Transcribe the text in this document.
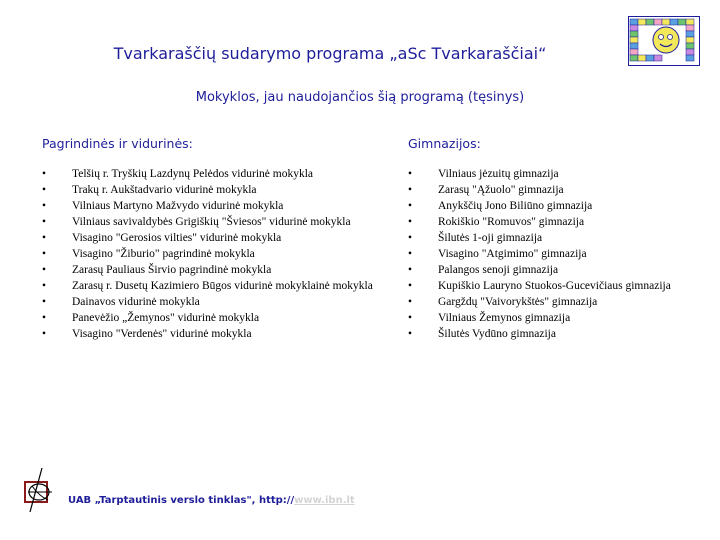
Tvarkaraščių sudarymo programa „aSc Tvarkaraščiai“
Mokyklos, jau naudojančios šią programą (tęsinys)
Pagrindinės ir vidurinės:	Gimnazijos:
• Telšių r. Tryškių Lazdynų Pelėdos vidurinė mokykla
• Trakų r. Aukštadvario vidurinė mokykla
• Vilniaus Martyno Mažvydo vidurinė mokykla
• Vilniaus savivaldybės Grigiškių "Šviesos" vidurinė mokykla
• Visagino "Gerosios vilties" vidurinė mokykla
• Visagino "Žiburio" pagrindinė mokykla
• Zarasų Pauliaus Širvio pagrindinė mokykla
• Zarasų r. Dusetų Kazimiero Būgos vidurinė mokyklainė mokykla
• Dainavos vidurinė mokykla
• Panevėžio „Žemynos" vidurinė mokykla
• Visagino "Verdenės" vidurinė mokykla
• Vilniaus jėzuitų gimnazija
• Zarasų "Ąžuolo" gimnazija
• Anykščių Jono Biliūno gimnazija
• Rokiškio "Romuvos" gimnazija
• Šilutės 1-oji gimnazija
• Visagino "Atgimimo" gimnazija
• Palangos senoji gimnazija
• Kupiškio Lauryno Stuokos-Gucevičiaus gimnazija
• Gargždų "Vaivorykštės" gimnazija
• Vilniaus Žemynos gimnazija
• Šilutės Vydūno gimnazija
UAB „Tarptautinis verslo tinklas", http://www.ibn.lt
